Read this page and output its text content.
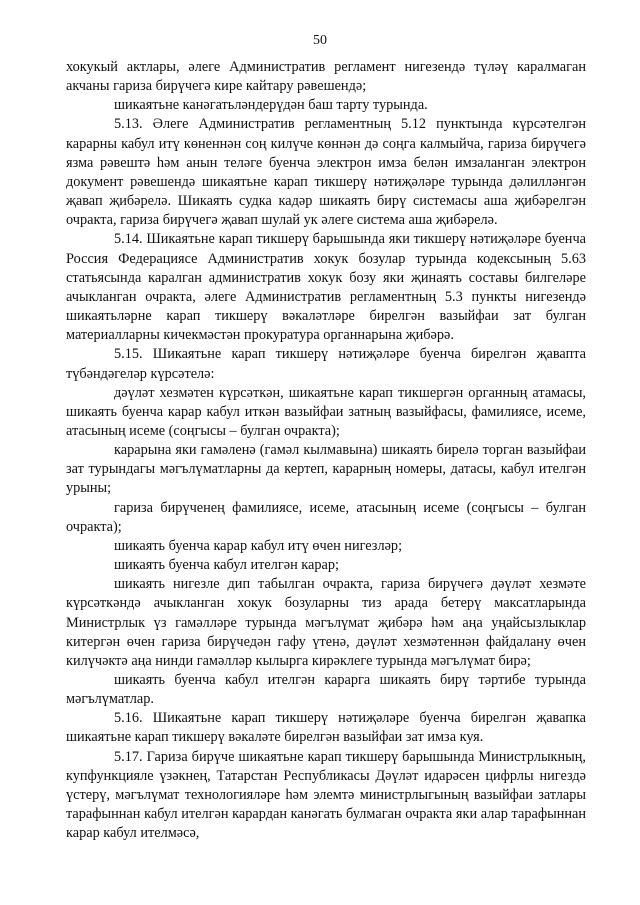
50

хокукый актлары, әлеге Административ регламент нигезендә түләү каралмаган акчаны гариза бирүчегә кире кайтару рәвешендә;

шикаятьне канәгатьләндерүдән баш тарту турында.

5.13. Әлеге Административ регламентның 5.12 пунктында күрсәтелгән карарны кабул итү көненнән соң килүче көннән дә соңга калмыйча, гариза бирүчегә язма рәвештә һәм анын теләге буенча электрон имза белән имзаланган электрон документ рәвешендә шикаятьне карап тикшерү нәтиҗәләре турында дәлилләнгән җавап җибәрелә. Шикаять судка кадәр шикаять бирү системасы аша җибәрелгән очракта, гариза бирүчегә җавап шулай ук әлеге система аша җибәрелә.

5.14. Шикаятьне карап тикшерү барышында яки тикшерү нәтиҗәләре буенча Россия Федерациясе Административ хокук бозулар турында кодексының 5.63 статьясында каралган административ хокук бозу яки җинаять составы билгеләре ачыкланган очракта, әлеге Административ регламентның 5.3 пункты нигезендә шикаятьләрне карап тикшерү вәкаләтләре бирелгән вазыйфаи зат булган материалларны кичекмәстән прокуратура органнарына җибәрә.

5.15. Шикаятьне карап тикшерү нәтиҗәләре буенча бирелгән җавапта түбәндәгеләр күрсәтелә:

дәүләт хезмәтен күрсәткән, шикаятьне карап тикшергән органның атамасы, шикаять буенча карар кабул иткән вазыйфаи затның вазыйфасы, фамилиясе, исеме, атасының исеме (соңгысы – булган очракта);

карарына яки гамәленә (гамәл кылмавына) шикаять бирелә торган вазыйфаи зат турындагы мәгълүматларны да кертеп, карарның номеры, датасы, кабул ителгән урыны;

гариза бирүченең фамилиясе, исеме, атасының исеме (соңгысы – булган очракта);

шикаять буенча карар кабул итү өчен нигезләр;

шикаять буенча кабул ителгән карар;

шикаять нигезле дип табылган очракта, гариза бирүчегә дәүләт хезмәте күрсәткәндә ачыкланган хокук бозуларны тиз арада бетерү максатларында Министрлык үз гамәлләре турында мәгълүмат җибәрә һәм аңа уңайсызлыклар китергән өчен гариза бирүчедән гафу үтенә, дәүләт хезмәтеннән файдалану өчен килүчәктә аңа нинди гамәлләр кылырга кирәклеге турында мәгълүмат бирә;

шикаять буенча кабул ителгән карарга шикаять бирү тәртибе турында мәгълүматлар.

5.16. Шикаятьне карап тикшерү нәтиҗәләре буенча бирелгән җавапка шикаятьне карап тикшерү вәкаләте бирелгән вазыйфаи зат имза куя.

5.17. Гариза бирүче шикаятьне карап тикшерү барышында Министрлыкның, купфункцияле үзәкнең, Татарстан Республикасы Дәүләт идарәсен цифрлы нигездә үстерү, мәгълүмат технологияләре һәм элемтә министрлыгының вазыйфаи затлары тарафыннан кабул ителгән карардан канәгать булмаган очракта яки алар тарафыннан карар кабул ителмәсә,
